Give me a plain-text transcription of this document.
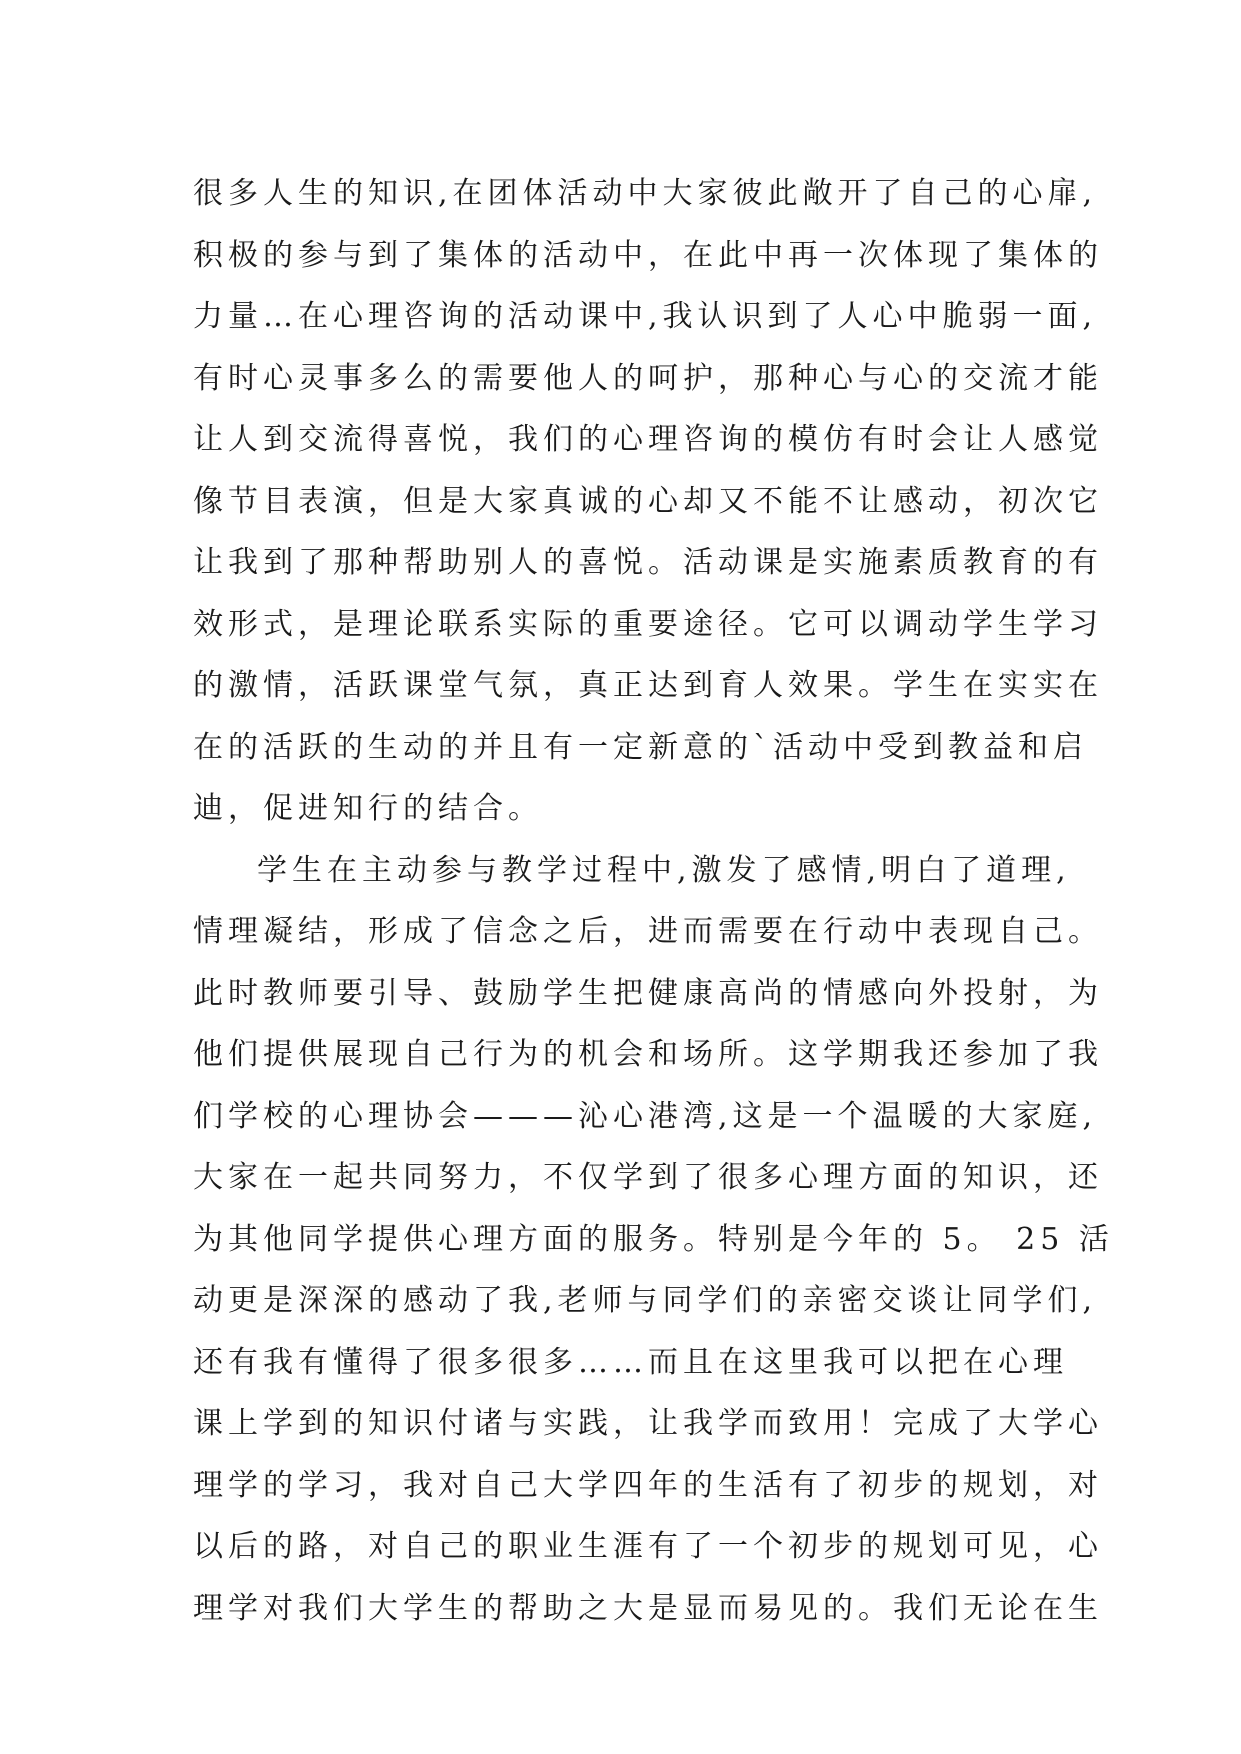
很多人生的知识,在团体活动中大家彼此敞开了自己的心扉,
积极的参与到了集体的活动中，在此中再一次体现了集体的
力量…在心理咨询的活动课中,我认识到了人心中脆弱一面,
有时心灵事多么的需要他人的呵护，那种心与心的交流才能
让人到交流得喜悦，我们的心理咨询的模仿有时会让人感觉
像节目表演，但是大家真诚的心却又不能不让感动，初次它
让我到了那种帮助别人的喜悦。活动课是实施素质教育的有
效形式，是理论联系实际的重要途径。它可以调动学生学习
的激情，活跃课堂气氛，真正达到育人效果。学生在实实在
在的活跃的生动的并且有一定新意的`活动中受到教益和启
迪，促进知行的结合。
学生在主动参与教学过程中,激发了感情,明白了道理,
情理凝结，形成了信念之后，进而需要在行动中表现自己。
此时教师要引导、鼓励学生把健康高尚的情感向外投射，为
他们提供展现自己行为的机会和场所。这学期我还参加了我
们学校的心理协会———沁心港湾,这是一个温暖的大家庭,
大家在一起共同努力，不仅学到了很多心理方面的知识，还
为其他同学提供心理方面的服务。特别是今年的 5。 25 活
动更是深深的感动了我,老师与同学们的亲密交谈让同学们,
还有我有懂得了很多很多……而且在这里我可以把在心理
课上学到的知识付诸与实践，让我学而致用！完成了大学心
理学的学习，我对自己大学四年的生活有了初步的规划，对
以后的路，对自己的职业生涯有了一个初步的规划可见，心
理学对我们大学生的帮助之大是显而易见的。我们无论在生
